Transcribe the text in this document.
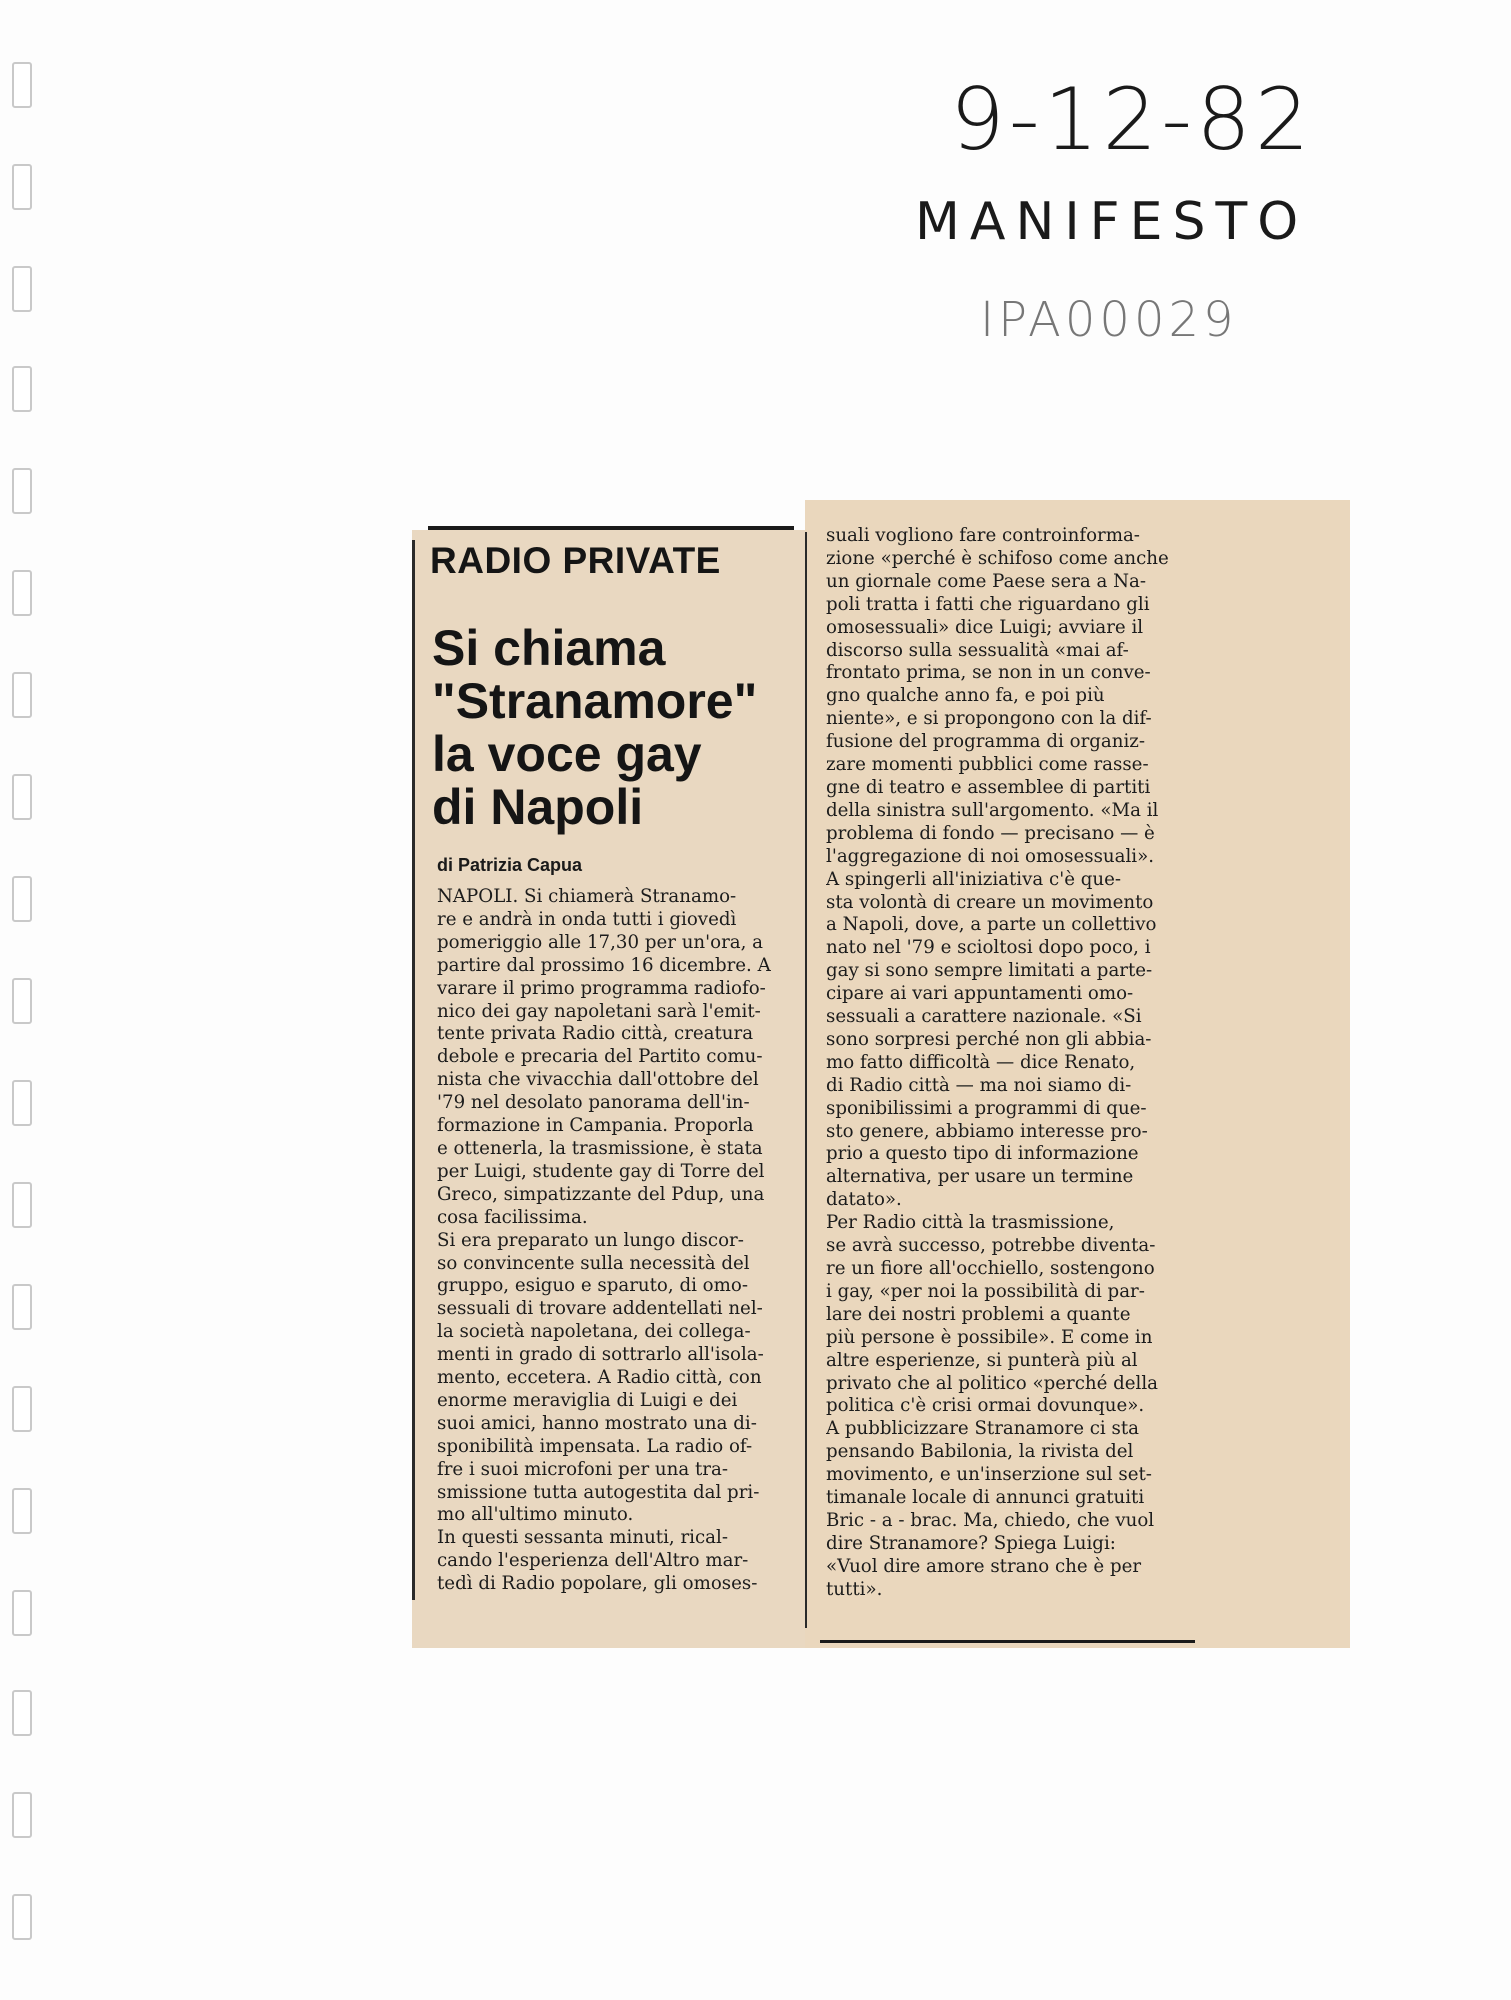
9-12-82
MANIFESTO
IPA00029
RADIO PRIVATE
Si chiama
"Stranamore"
la voce gay
di Napoli
di Patrizia Capua
NAPOLI. Si chiamerà Stranamo-
re e andrà in onda tutti i giovedì
pomeriggio alle 17,30 per un'ora, a
partire dal prossimo 16 dicembre. A
varare il primo programma radiofo-
nico dei gay napoletani sarà l'emit-
tente privata Radio città, creatura
debole e precaria del Partito comu-
nista che vivacchia dall'ottobre del
'79 nel desolato panorama dell'in-
formazione in Campania. Proporla
e ottenerla, la trasmissione, è stata
per Luigi, studente gay di Torre del
Greco, simpatizzante del Pdup, una
cosa facilissima.
Si era preparato un lungo discor-
so convincente sulla necessità del
gruppo, esiguo e sparuto, di omo-
sessuali di trovare addentellati nel-
la società napoletana, dei collega-
menti in grado di sottrarlo all'isola-
mento, eccetera. A Radio città, con
enorme meraviglia di Luigi e dei
suoi amici, hanno mostrato una di-
sponibilità impensata. La radio of-
fre i suoi microfoni per una tra-
smissione tutta autogestita dal pri-
mo all'ultimo minuto.
In questi sessanta minuti, rical-
cando l'esperienza dell'Altro mar-
tedì di Radio popolare, gli omoses-
suali vogliono fare controinforma-
zione «perché è schifoso come anche
un giornale come Paese sera a Na-
poli tratta i fatti che riguardano gli
omosessuali» dice Luigi; avviare il
discorso sulla sessualità «mai af-
frontato prima, se non in un conve-
gno qualche anno fa, e poi più
niente», e si propongono con la dif-
fusione del programma di organiz-
zare momenti pubblici come rasse-
gne di teatro e assemblee di partiti
della sinistra sull'argomento. «Ma il
problema di fondo — precisano — è
l'aggregazione di noi omosessuali».
A spingerli all'iniziativa c'è que-
sta volontà di creare un movimento
a Napoli, dove, a parte un collettivo
nato nel '79 e scioltosi dopo poco, i
gay si sono sempre limitati a parte-
cipare ai vari appuntamenti omo-
sessuali a carattere nazionale. «Si
sono sorpresi perché non gli abbia-
mo fatto difficoltà — dice Renato,
di Radio città — ma noi siamo di-
sponibilissimi a programmi di que-
sto genere, abbiamo interesse pro-
prio a questo tipo di informazione
alternativa, per usare un termine
datato».
Per Radio città la trasmissione,
se avrà successo, potrebbe diventa-
re un fiore all'occhiello, sostengono
i gay, «per noi la possibilità di par-
lare dei nostri problemi a quante
più persone è possibile». E come in
altre esperienze, si punterà più al
privato che al politico «perché della
politica c'è crisi ormai dovunque».
A pubblicizzare Stranamore ci sta
pensando Babilonia, la rivista del
movimento, e un'inserzione sul set-
timanale locale di annunci gratuiti
Bric - a - brac. Ma, chiedo, che vuol
dire Stranamore? Spiega Luigi:
«Vuol dire amore strano che è per
tutti».
